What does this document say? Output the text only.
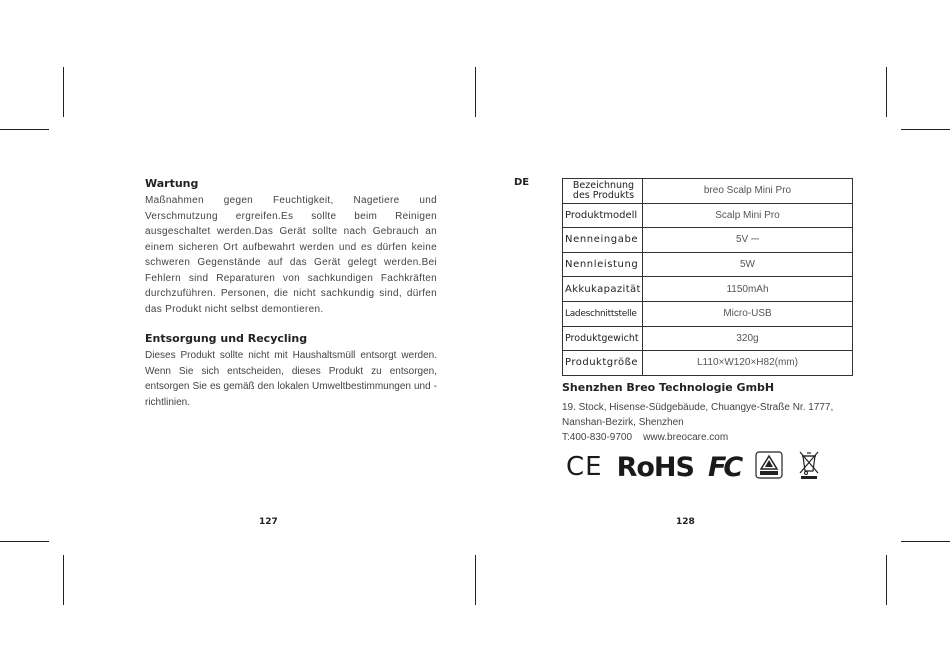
Wartung

Maßnahmen gegen Feuchtigkeit, Nagetiere und Verschmutzung ergreifen.Es sollte beim Reinigen ausgeschaltet werden.Das Gerät sollte nach Gebrauch an einem sicheren Ort aufbewahrt werden und es dürfen keine schweren Gegenstände auf das Gerät gelegt werden.Bei Fehlern sind Reparaturen von sachkundigen Fachkräften durchzuführen. Personen, die nicht sachkundig sind, dürfen das Produkt nicht selbst demontieren.

Entsorgung und Recycling

Dieses Produkt sollte nicht mit Haushaltsmüll entsorgt werden. Wenn Sie sich entscheiden, dieses Produkt zu entsorgen, entsorgen Sie es gemäß den lokalen Umweltbestimmungen und -richtlinien.

127
DE	Bezeichnung des Produkts	breo Scalp Mini Pro
Produktmodell	Scalp Mini Pro
Nenneingabe	5V ⎓
Nennleistung	5W
Akkukapazität	1150mAh
Ladeschnittstelle	Micro-USB
Produktgewicht	320g
Produktgröße	L110×W120×H82(mm)
Shenzhen Breo Technologie GmbH
19. Stock, Hisense-Südgebäude, Chuangye-Straße Nr. 1777,
Nanshan-Bezirk, Shenzhen
T:400-830-9700    www.breocare.com
CE RoHS FC
128
